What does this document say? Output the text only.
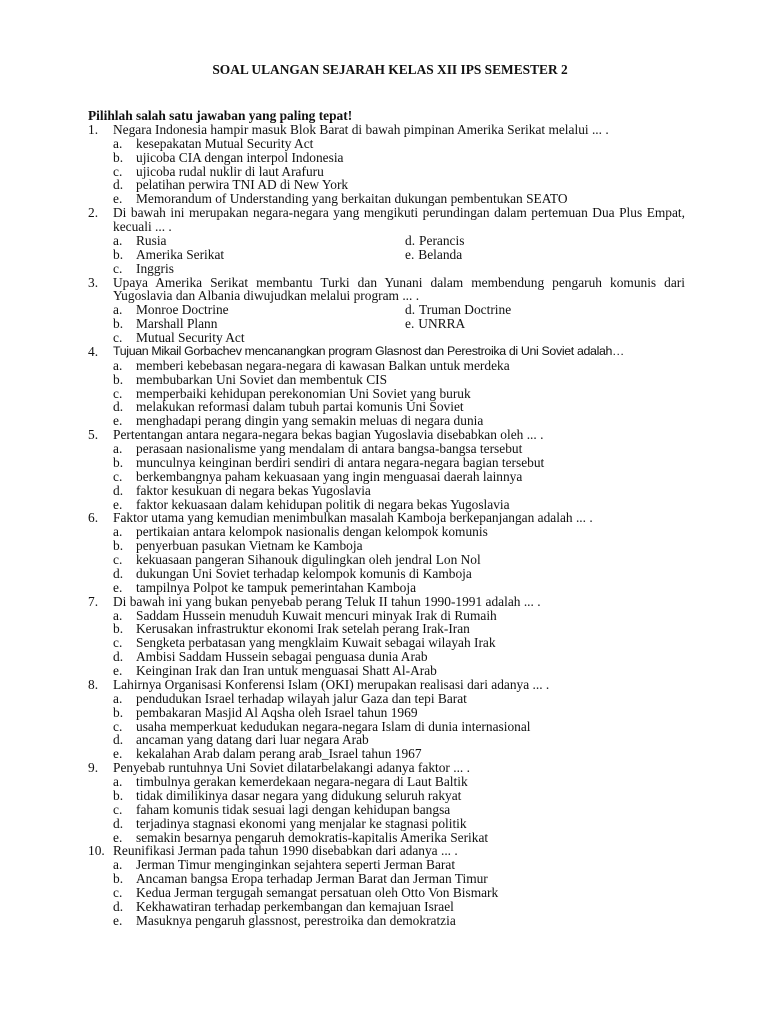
SOAL ULANGAN SEJARAH KELAS XII IPS SEMESTER 2
Pilihlah salah satu jawaban yang paling tepat!
1.	Negara Indonesia hampir masuk Blok Barat di bawah pimpinan Amerika Serikat melalui ... .
a.	kesepakatan Mutual Security Act
b. ujicoba CIA dengan interpol Indonesia
c.	ujicoba rudal nuklir di laut Arafuru
d. pelatihan perwira TNI AD di New York
e.	Memorandum of Understanding yang berkaitan dukungan pembentukan SEATO
2.	Di bawah ini merupakan negara-negara yang mengikuti perundingan dalam pertemuan Dua Plus Empat, kecuali ... .
a.	Rusia	d. Perancis
b. Amerika Serikat	e. Belanda
c.	Inggris
3.	Upaya Amerika Serikat membantu Turki dan Yunani dalam membendung pengaruh komunis dari Yugoslavia dan Albania diwujudkan melalui program ... .
a.	Monroe Doctrine	d. Truman Doctrine
b. Marshall Plann	e. UNRRA
c.	Mutual Security Act
4.	Tujuan Mikail Gorbachev mencanangkan program Glasnost dan Perestroika di Uni Soviet adalah…
a.	memberi kebebasan negara-negara di kawasan Balkan untuk merdeka
b. membubarkan Uni Soviet dan membentuk CIS
c.	memperbaiki kehidupan perekonomian Uni Soviet yang buruk
d. melakukan reformasi dalam tubuh partai komunis Uni Soviet
e.	menghadapi perang dingin yang semakin meluas di negara dunia
5.	Pertentangan antara negara-negara bekas bagian Yugoslavia disebabkan oleh ... .
a.	perasaan nasionalisme yang mendalam di antara bangsa-bangsa tersebut
b. munculnya keinginan berdiri sendiri di antara negara-negara bagian tersebut
c.	berkembangnya paham kekuasaan yang ingin menguasai daerah lainnya
d. faktor kesukuan di negara bekas Yugoslavia
e.	faktor kekuasaan dalam kehidupan politik di negara bekas Yugoslavia
6.	Faktor utama yang kemudian menimbulkan masalah Kamboja berkepanjangan adalah ... .
a.	pertikaian antara kelompok nasionalis dengan kelompok komunis
b. penyerbuan pasukan Vietnam ke Kamboja
c.	kekuasaan pangeran Sihanouk digulingkan oleh jendral Lon Nol
d. dukungan Uni Soviet terhadap kelompok komunis di Kamboja
e.	tampilnya Polpot ke tampuk pemerintahan Kamboja
7.	Di bawah ini yang bukan penyebab perang Teluk II tahun 1990-1991 adalah ... .
a.	Saddam Hussein menuduh Kuwait mencuri minyak Irak di Rumaih
b. Kerusakan infrastruktur ekonomi Irak setelah perang Irak-Iran
c.	Sengketa perbatasan yang mengklaim Kuwait sebagai wilayah Irak
d. Ambisi Saddam Hussein sebagai penguasa dunia Arab
e.	Keinginan Irak dan Iran untuk menguasai Shatt Al-Arab
8.	Lahirnya Organisasi Konferensi Islam (OKI) merupakan realisasi dari adanya ... .
a.	pendudukan Israel terhadap wilayah jalur Gaza dan tepi Barat
b. pembakaran Masjid Al Aqsha oleh Israel tahun 1969
c.	usaha memperkuat kedudukan negara-negara Islam di dunia internasional
d. ancaman yang datang dari luar negara Arab
e.	kekalahan Arab dalam perang arab_Israel tahun 1967
9.	Penyebab runtuhnya Uni Soviet dilatarbelakangi adanya faktor ... .
a.	timbulnya gerakan kemerdekaan negara-negara di Laut Baltik
b. tidak dimilikinya dasar negara yang didukung seluruh rakyat
c.	faham komunis tidak sesuai lagi dengan kehidupan bangsa
d. terjadinya stagnasi ekonomi yang menjalar ke stagnasi politik
e.	semakin besarnya pengaruh demokratis-kapitalis Amerika Serikat
10. Reunifikasi Jerman pada tahun 1990 disebabkan dari adanya ... .
a.	Jerman Timur menginginkan sejahtera seperti Jerman Barat
b. Ancaman bangsa Eropa terhadap Jerman Barat dan Jerman Timur
c.	Kedua Jerman tergugah semangat persatuan oleh Otto Von Bismark
d. Kekhawatiran terhadap perkembangan dan kemajuan Israel
e.	Masuknya pengaruh glassnost, perestroika dan demokratzia
